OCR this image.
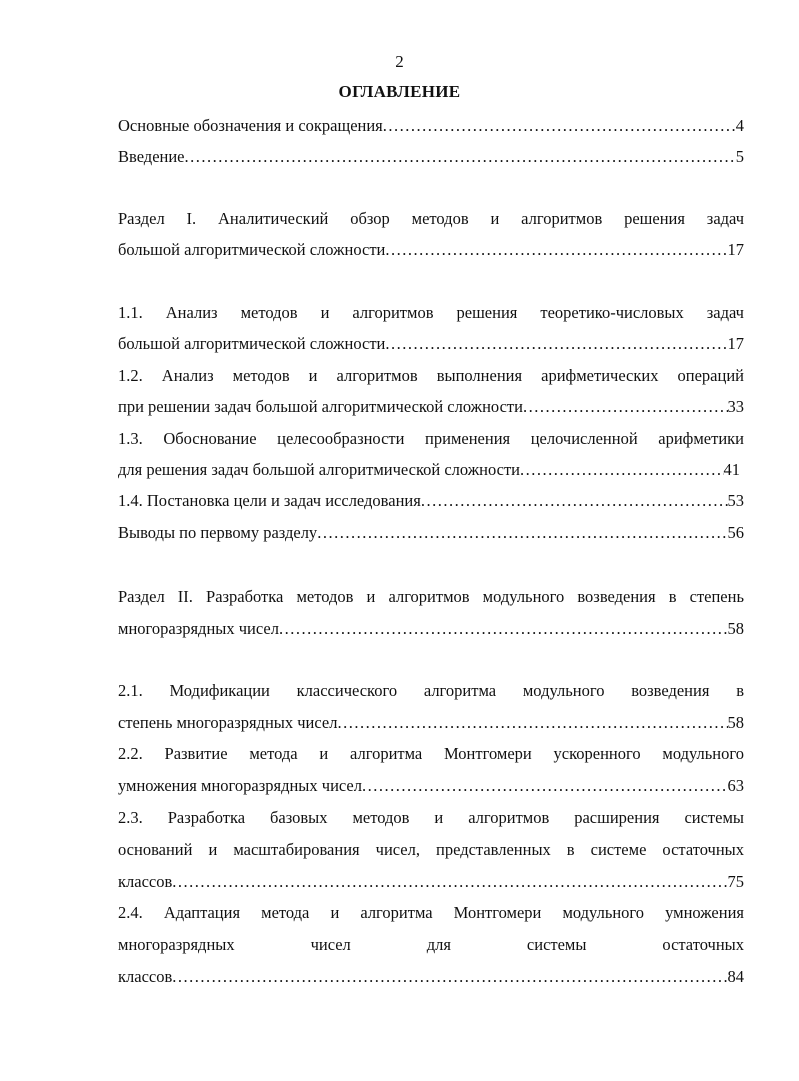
2
ОГЛАВЛЕНИЕ
Основные обозначения и сокращения .....	4
Введение .....	5
Раздел I. Аналитический обзор методов и алгоритмов решения задач
большой алгоритмической сложности .....	17
1.1. Анализ методов и алгоритмов решения теоретико-числовых задач
большой алгоритмической сложности .....	17
1.2. Анализ методов и алгоритмов выполнения арифметических операций
при решении задач большой алгоритмической сложности .....	33
1.3. Обоснование целесообразности применения целочисленной арифметики
для решения задач большой алгоритмической сложности .....	41
1.4. Постановка цели и задач исследования .....	53
Выводы по первому разделу .....	56
Раздел II. Разработка методов и алгоритмов модульного возведения в степень
многоразрядных чисел .....	58
2.1. Модификации классического алгоритма модульного возведения в
степень многоразрядных чисел .....	58
2.2. Развитие метода и алгоритма Монтгомери ускоренного модульного
умножения многоразрядных чисел .....	63
2.3. Разработка базовых методов и алгоритмов расширения системы
оснований и масштабирования чисел, представленных в системе остаточных
классов .....	75
2.4. Адаптация метода и алгоритма Монтгомери модульного умножения
многоразрядных чисел для системы остаточных
классов .....	84
